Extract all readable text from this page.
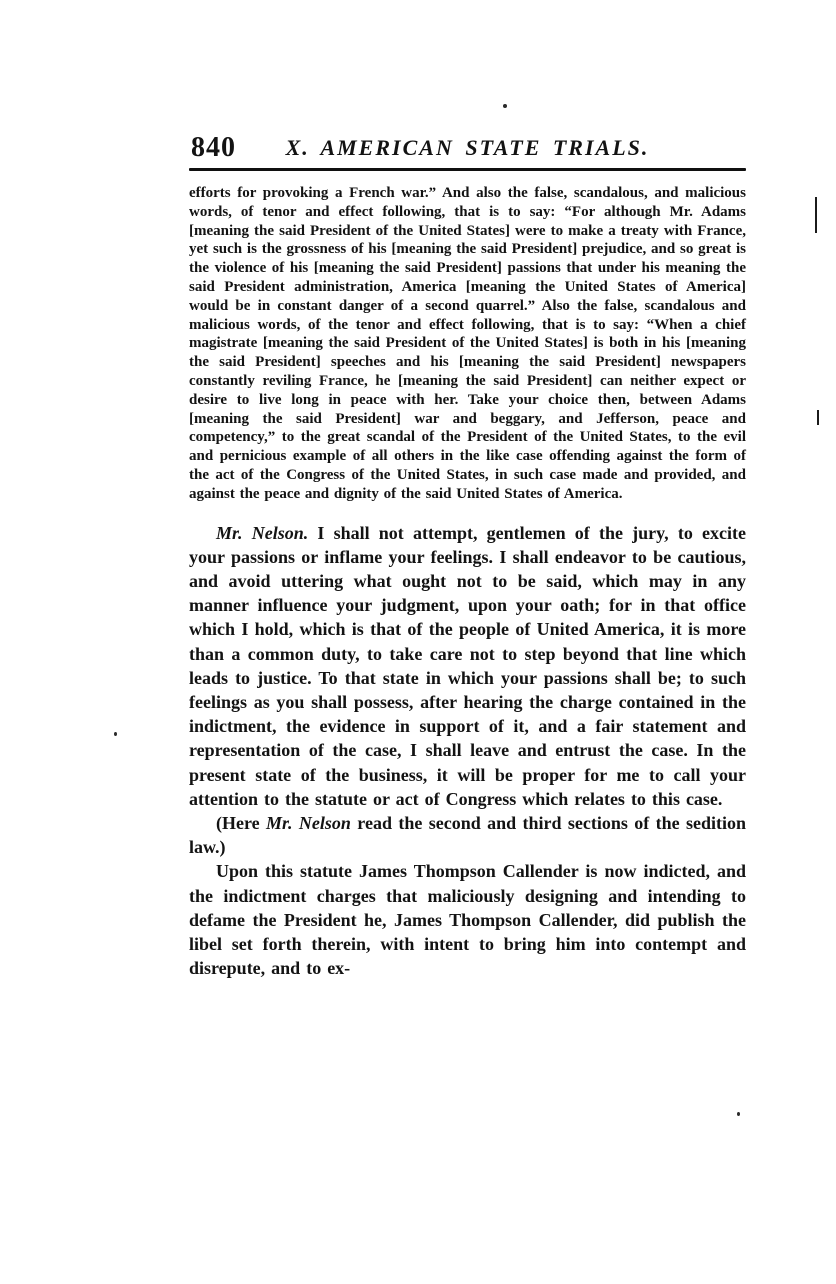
840	X. AMERICAN STATE TRIALS.

efforts for provoking a French war.” And also the false, scandalous, and malicious words, of tenor and effect following, that is to say: “For although Mr. Adams [meaning the said President of the United States] were to make a treaty with France, yet such is the grossness of his [meaning the said President] prejudice, and so great is the violence of his [meaning the said President] passions that under his meaning the said President administration, America [meaning the United States of America] would be in constant danger of a second quarrel.” Also the false, scandalous and malicious words, of the tenor and effect following, that is to say: “When a chief magistrate [meaning the said President of the United States] is both in his [meaning the said President] speeches and his [meaning the said President] newspapers constantly reviling France, he [meaning the said President] can neither expect or desire to live long in peace with her. Take your choice then, between Adams [meaning the said President] war and beggary, and Jefferson, peace and competency,” to the great scandal of the President of the United States, to the evil and pernicious example of all others in the like case offending against the form of the act of the Congress of the United States, in such case made and provided, and against the peace and dignity of the said United States of America.

Mr. Nelson. I shall not attempt, gentlemen of the jury, to excite your passions or inflame your feelings. I shall endeavor to be cautious, and avoid uttering what ought not to be said, which may in any manner influence your judgment, upon your oath; for in that office which I hold, which is that of the people of United America, it is more than a common duty, to take care not to step beyond that line which leads to justice. To that state in which your passions shall be; to such feelings as you shall possess, after hearing the charge contained in the indictment, the evidence in support of it, and a fair statement and representation of the case, I shall leave and entrust the case. In the present state of the business, it will be proper for me to call your attention to the statute or act of Congress which relates to this case.

(Here Mr. Nelson read the second and third sections of the sedition law.)

Upon this statute James Thompson Callender is now indicted, and the indictment charges that maliciously designing and intending to defame the President he, James Thompson Callender, did publish the libel set forth therein, with intent to bring him into contempt and disrepute, and to ex-
